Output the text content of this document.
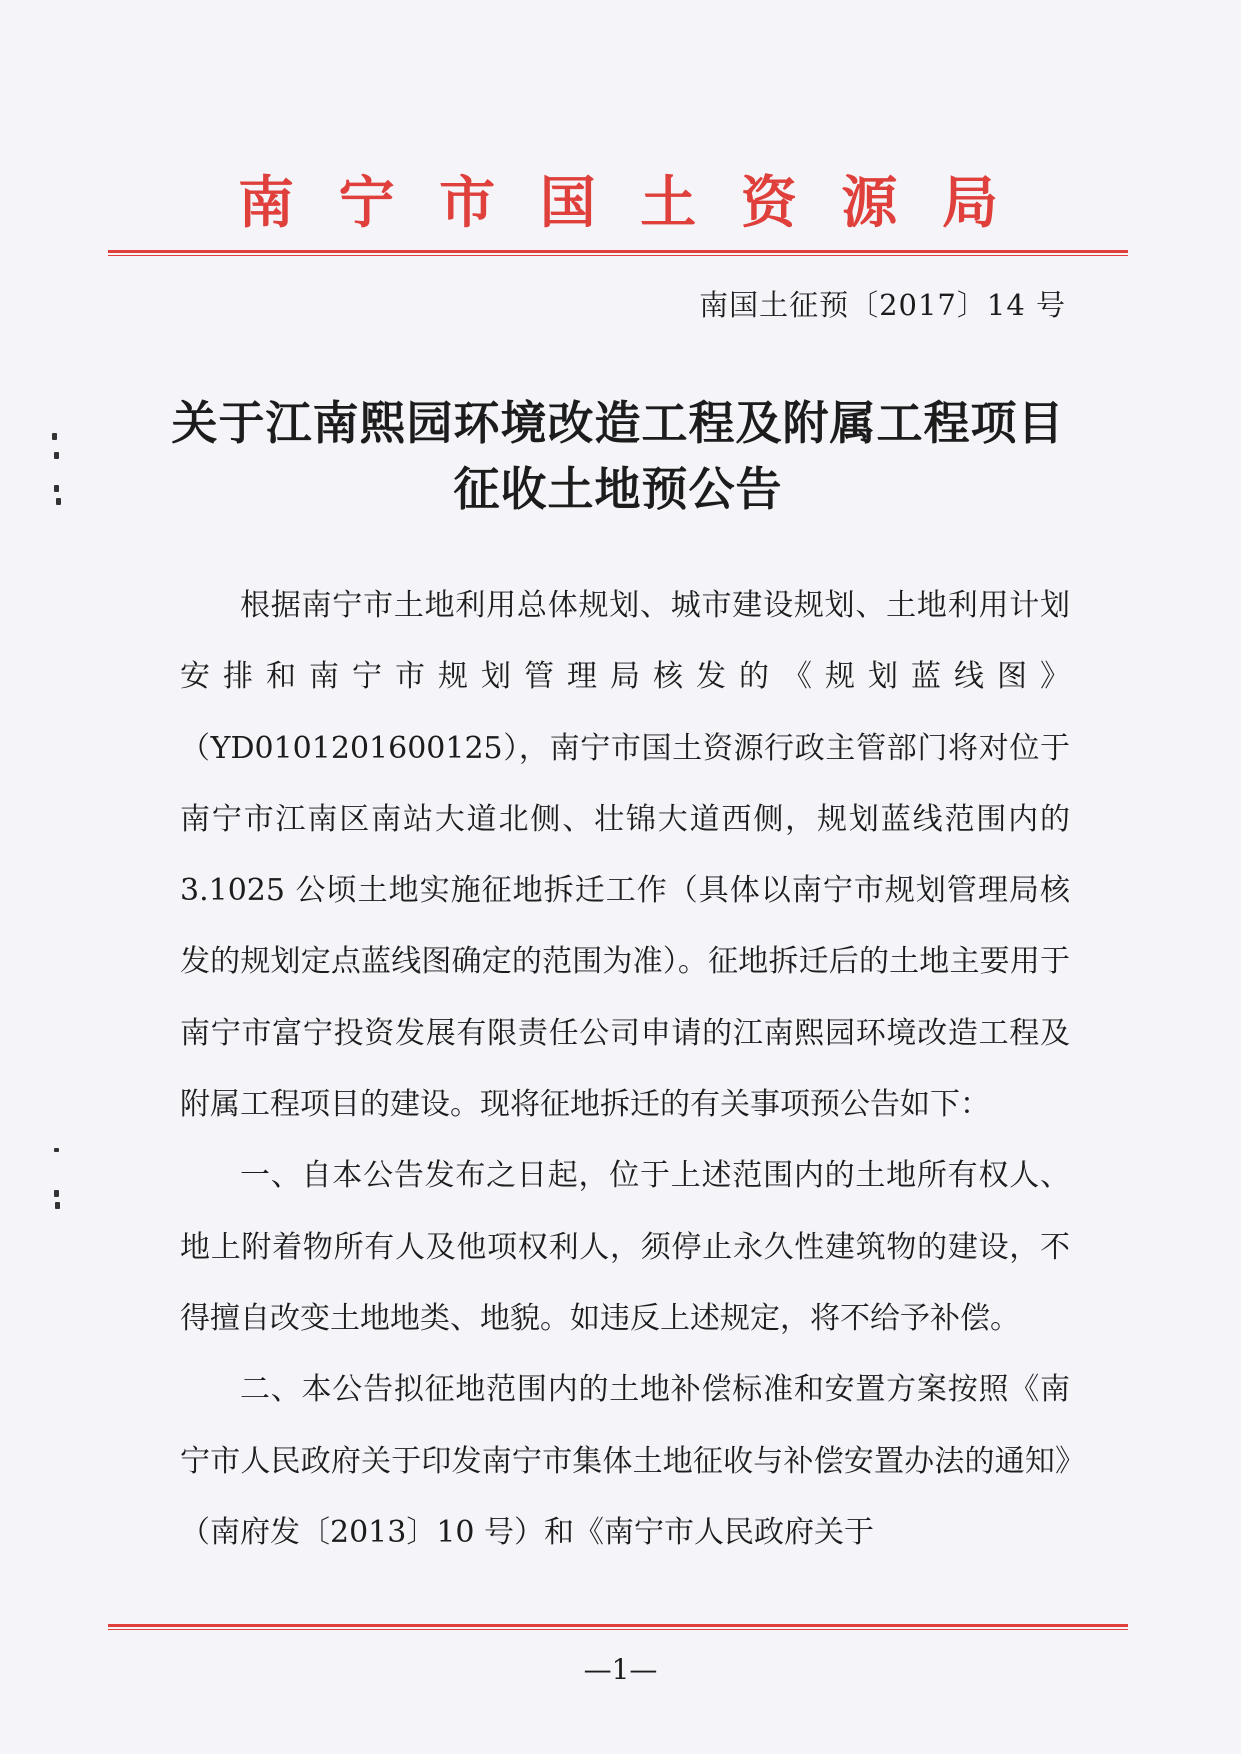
南 宁 市 国 土 资 源 局
南国土征预〔2017〕14 号
关于江南熙园环境改造工程及附属工程项目
征收土地预公告

根据南宁市土地利用总体规划、城市建设规划、土地利用计划安排和南宁市规划管理局核发的《规划蓝线图》（YD0101201600125），南宁市国土资源行政主管部门将对位于南宁市江南区南站大道北侧、壮锦大道西侧，规划蓝线范围内的 3.1025 公顷土地实施征地拆迁工作（具体以南宁市规划管理局核发的规划定点蓝线图确定的范围为准）。征地拆迁后的土地主要用于南宁市富宁投资发展有限责任公司申请的江南熙园环境改造工程及附属工程项目的建设。现将征地拆迁的有关事项预公告如下：

一、自本公告发布之日起，位于上述范围内的土地所有权人、地上附着物所有人及他项权利人，须停止永久性建筑物的建设，不得擅自改变土地地类、地貌。如违反上述规定，将不给予补偿。

二、本公告拟征地范围内的土地补偿标准和安置方案按照《南宁市人民政府关于印发南宁市集体土地征收与补偿安置办法的通知》（南府发〔2013〕10 号）和《南宁市人民政府关于

—1—
